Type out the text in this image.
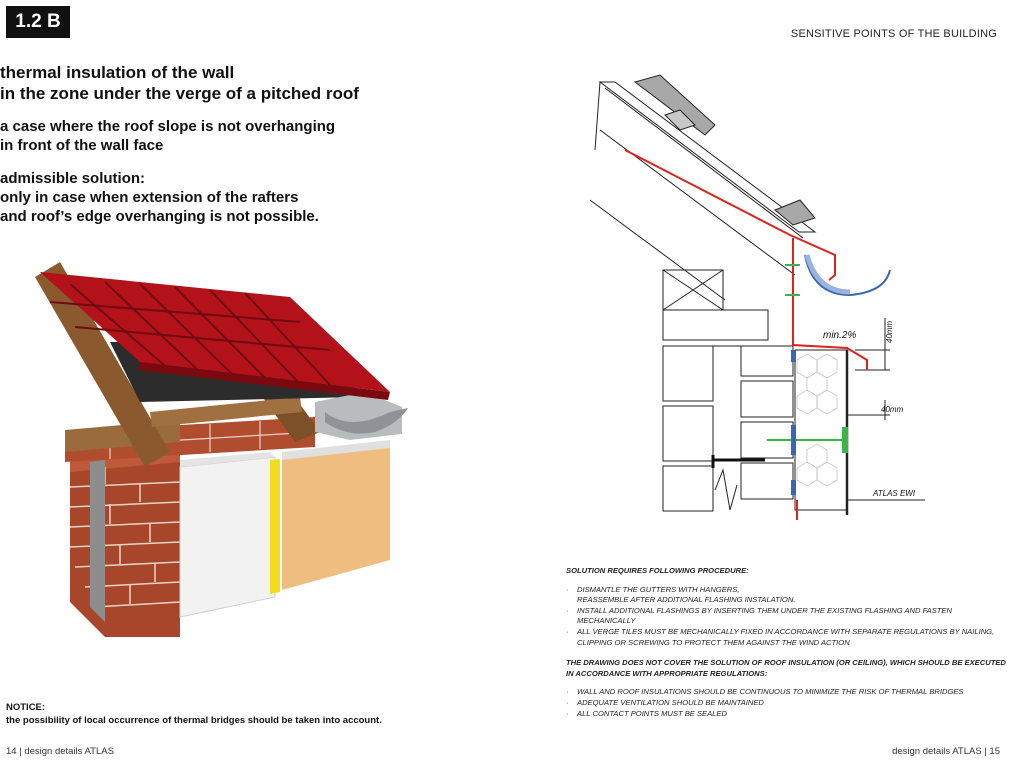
1.2 B
SENSITIVE POINTS OF THE BUILDING
thermal insulation of the wall
in the zone under the verge of a pitched roof
a case where the roof slope is not overhanging
in front of the wall face
admissible solution:
only in case when extension of the rafters
and roof’s edge overhanging is not possible.
min.2%	40mm
40mm
ATLAS EWI
SOLUTION REQUIRES FOLLOWING PROCEDURE:
· DISMANTLE THE GUTTERS WITH HANGERS,
REASSEMBLE AFTER ADDITIONAL FLASHING INSTALATION.
· INSTALL ADDITIONAL FLASHINGS BY INSERTING THEM UNDER THE EXISTING FLASHING AND FASTEN MECHANICALLY
· ALL VERGE TILES MUST BE MECHANICALLY FIXED IN ACCORDANCE WITH SEPARATE REGULATIONS BY NAILING,
CLIPPING OR SCREWING TO PROTECT THEM AGAINST THE WIND ACTION
THE DRAWING DOES NOT COVER THE SOLUTION OF ROOF INSULATION (OR CEILING), WHICH SHOULD BE EXECUTED
IN ACCORDANCE WITH APPROPRIATE REGULATIONS:
· WALL AND ROOF INSULATIONS SHOULD BE CONTINUOUS TO MINIMIZE THE RISK OF THERMAL BRIDGES
· ADEQUATE VENTILATION SHOULD BE MAINTAINED
· ALL CONTACT POINTS MUST BE SEALED
NOTICE:
the possibility of local occurrence of thermal bridges should be taken into account.
14 | design details ATLAS	design details ATLAS | 15
